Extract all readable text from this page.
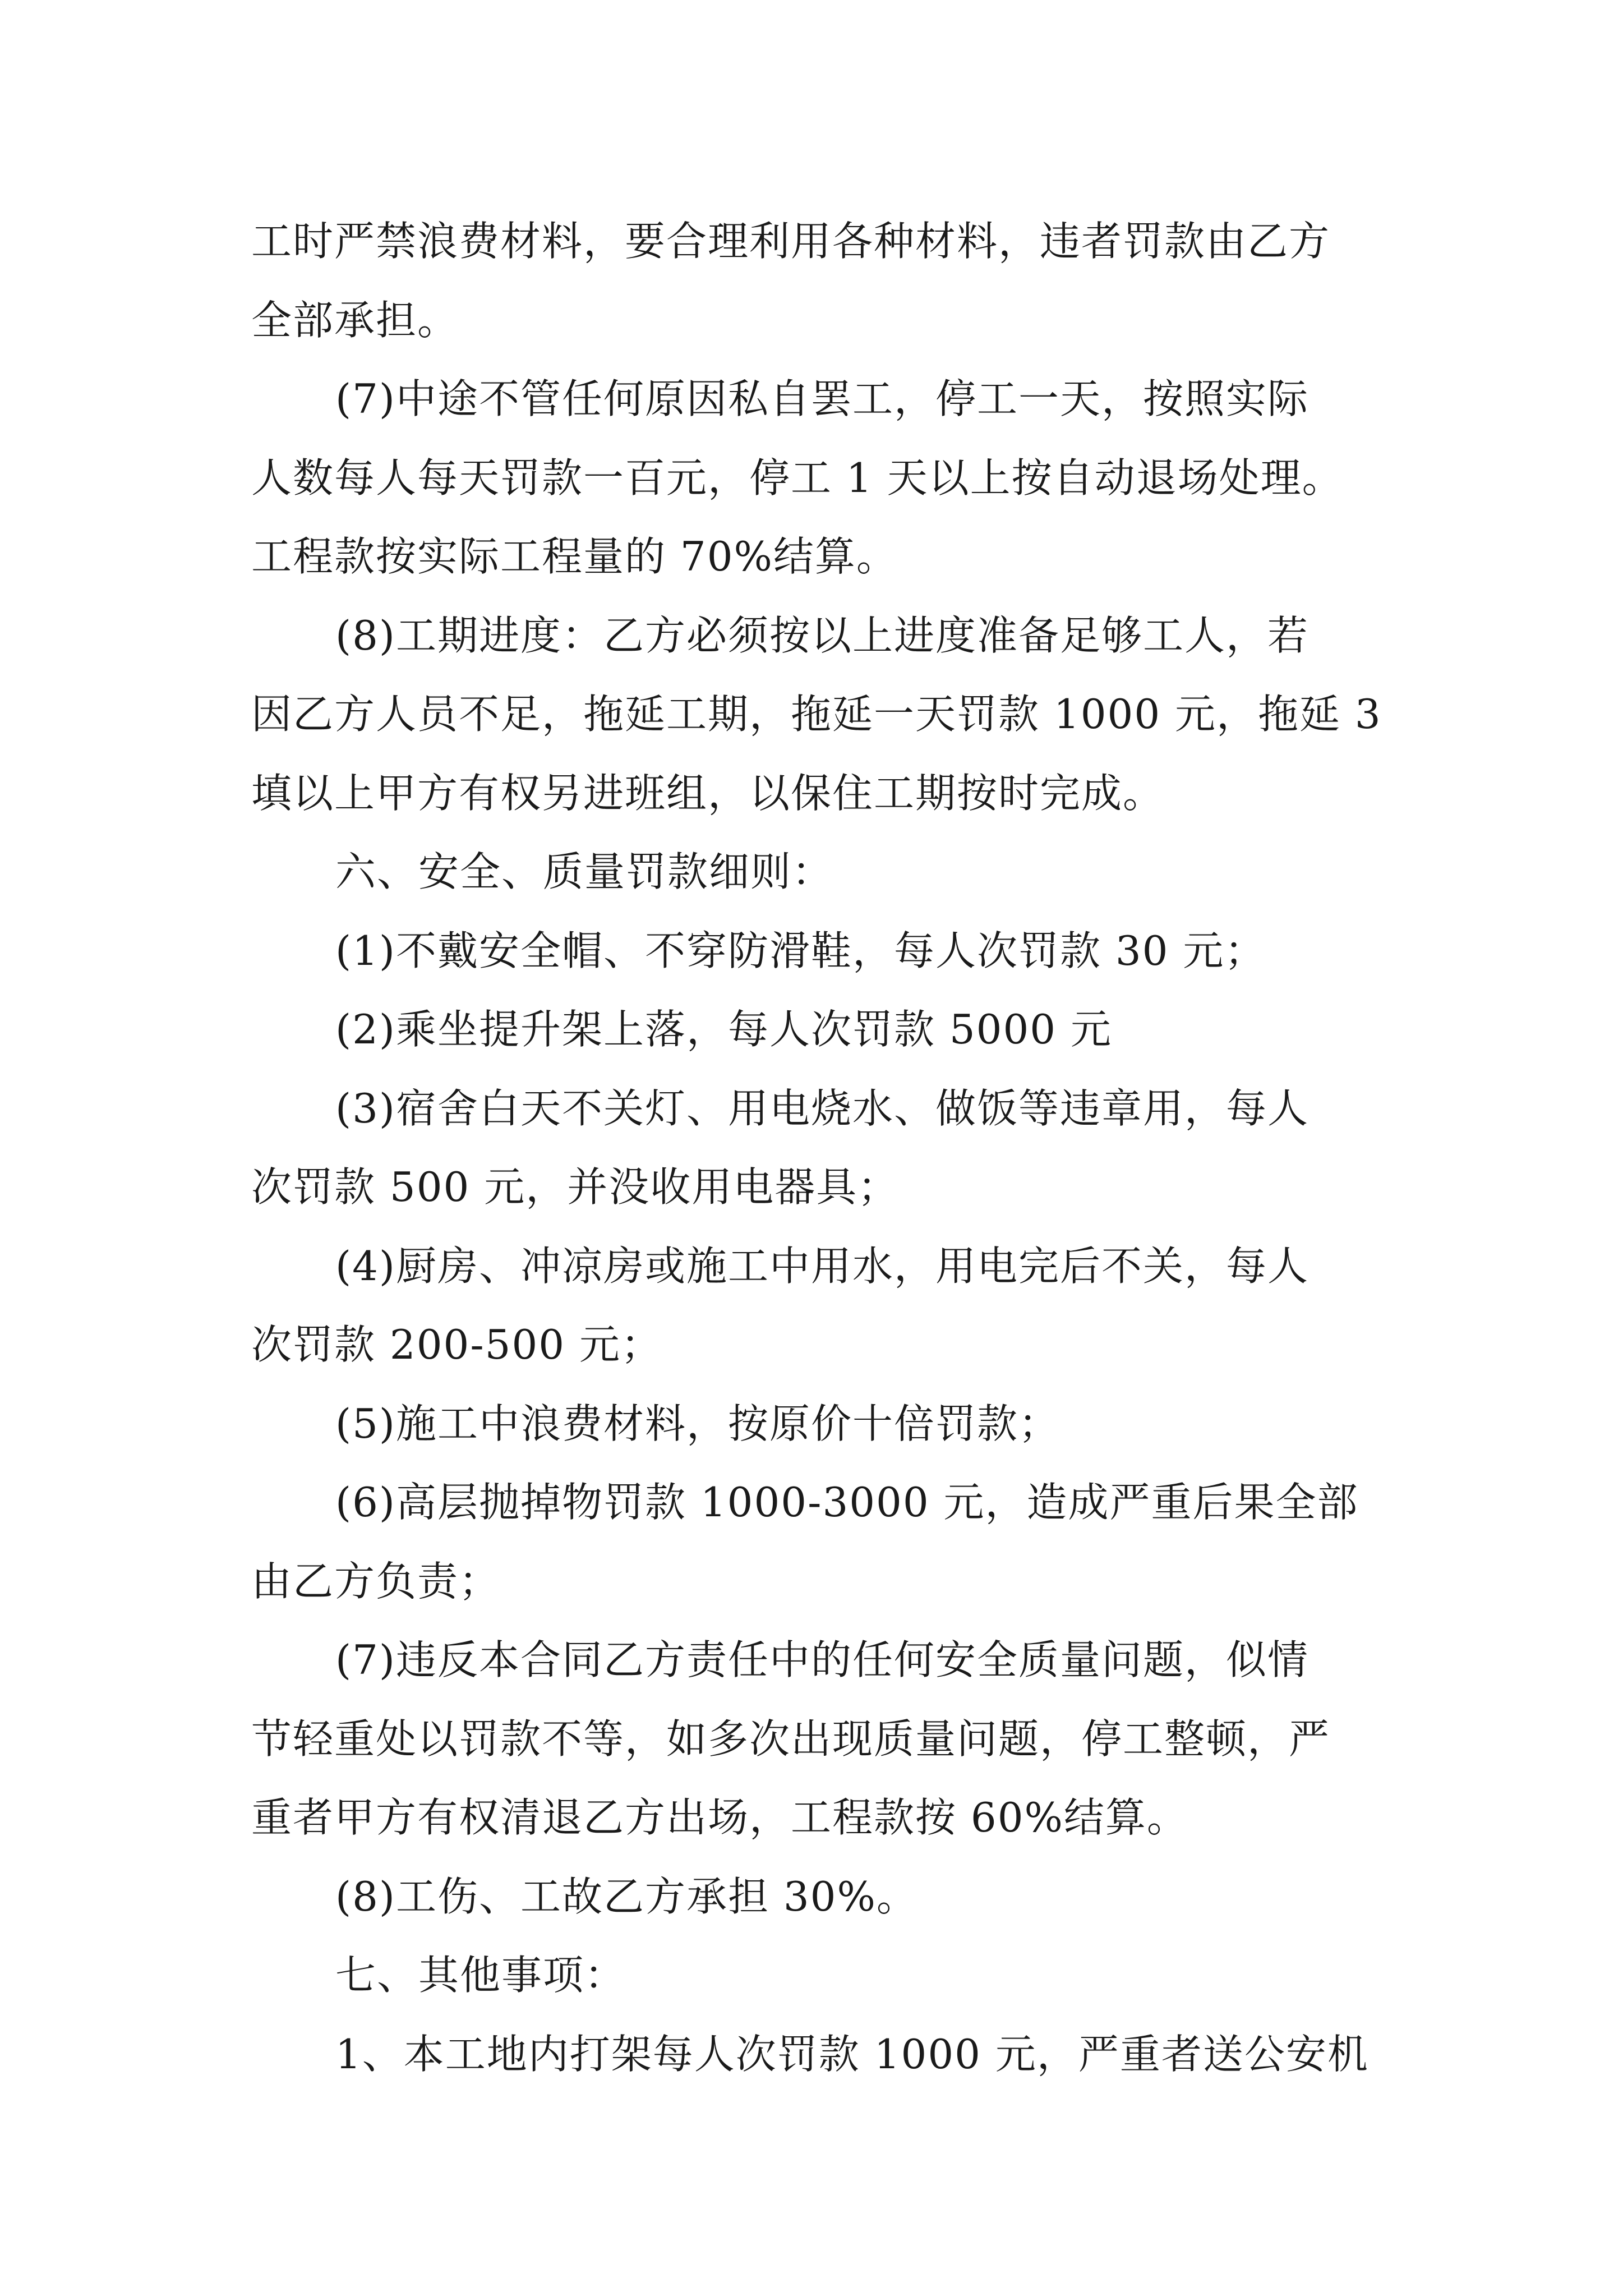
工时严禁浪费材料，要合理利用各种材料，违者罚款由乙方
全部承担。
(7)中途不管任何原因私自罢工，停工一天，按照实际
人数每人每天罚款一百元，停工 1 天以上按自动退场处理。
工程款按实际工程量的 70%结算。
(8)工期进度：乙方必须按以上进度准备足够工人，若
因乙方人员不足，拖延工期，拖延一天罚款 1000 元，拖延 3
填以上甲方有权另进班组，以保住工期按时完成。
六、安全、质量罚款细则：
(1)不戴安全帽、不穿防滑鞋，每人次罚款 30 元；
(2)乘坐提升架上落，每人次罚款 5000 元
(3)宿舍白天不关灯、用电烧水、做饭等违章用，每人
次罚款 500 元，并没收用电器具；
(4)厨房、冲凉房或施工中用水，用电完后不关，每人
次罚款 200-500 元；
(5)施工中浪费材料，按原价十倍罚款；
(6)高层抛掉物罚款 1000-3000 元，造成严重后果全部
由乙方负责；
(7)违反本合同乙方责任中的任何安全质量问题，似情
节轻重处以罚款不等，如多次出现质量问题，停工整顿，严
重者甲方有权清退乙方出场，工程款按 60%结算。
(8)工伤、工故乙方承担 30%。
七、其他事项：
1、本工地内打架每人次罚款 1000 元，严重者送公安机
